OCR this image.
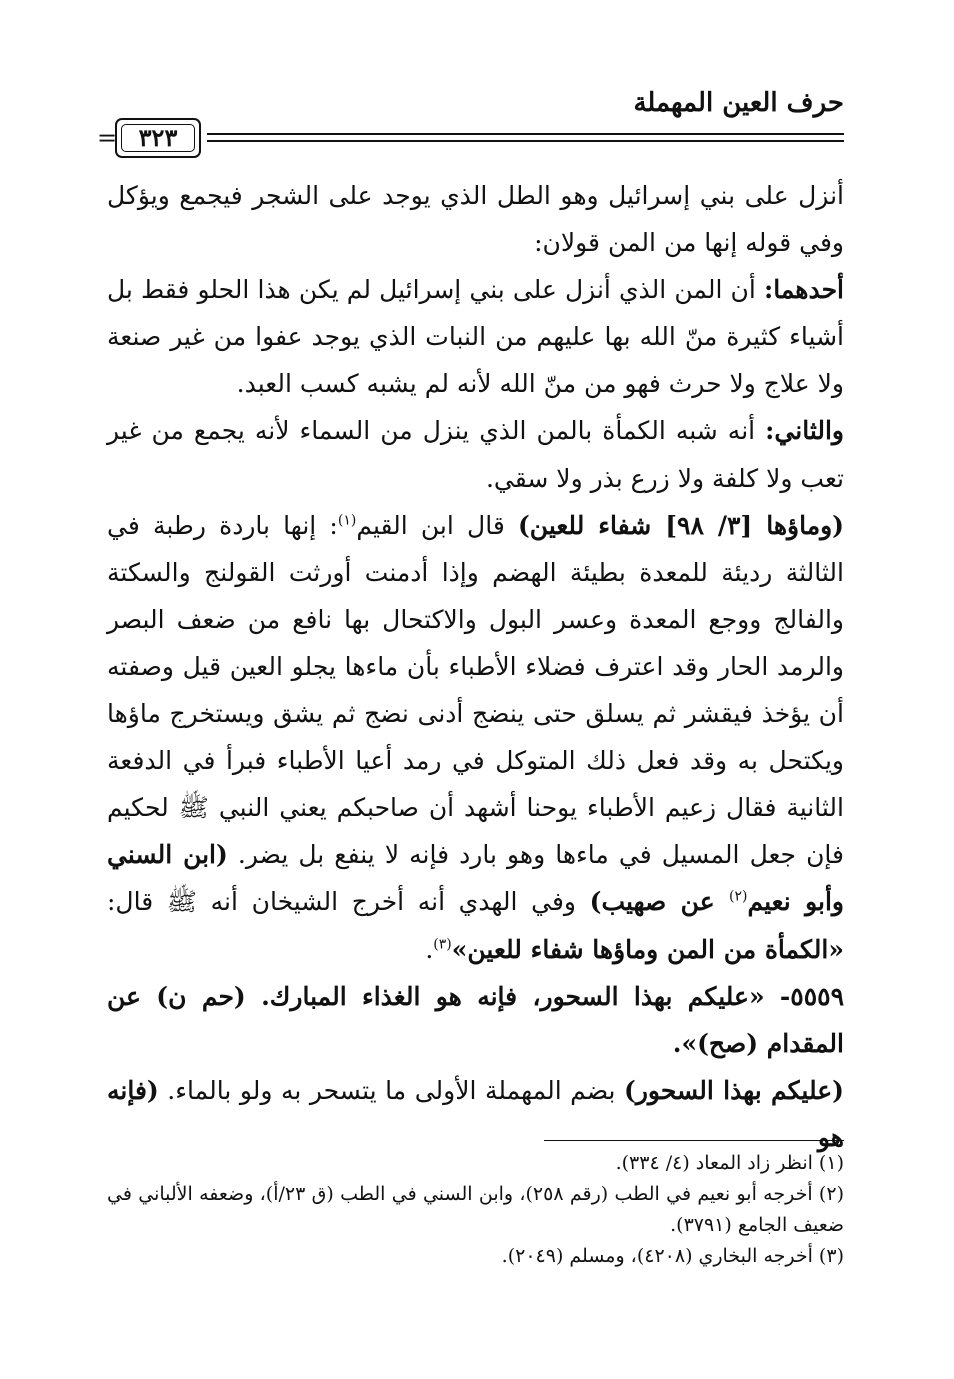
حرف العين المهملة
= ٣٢٣

أنزل على بني إسرائيل وهو الطل الذي يوجد على الشجر فيجمع ويؤكل وفي قوله إنها من المن قولان:

أحدهما: أن المن الذي أنزل على بني إسرائيل لم يكن هذا الحلو فقط بل أشياء كثيرة منّ الله بها عليهم من النبات الذي يوجد عفوا من غير صنعة ولا علاج ولا حرث فهو من منّ الله لأنه لم يشبه كسب العبد.

والثاني: أنه شبه الكمأة بالمن الذي ينزل من السماء لأنه يجمع من غير تعب ولا كلفة ولا زرع بذر ولا سقي.

(وماؤها [٣/ ٩٨] شفاء للعين) قال ابن القيم$^{(١)}$: إنها باردة رطبة في الثالثة رديئة للمعدة بطيئة الهضم وإذا أدمنت أورثت القولنج والسكتة والفالج ووجع المعدة وعسر البول والاكتحال بها نافع من ضعف البصر والرمد الحار وقد اعترف فضلاء الأطباء بأن ماءها يجلو العين قيل وصفته أن يؤخذ فيقشر ثم يسلق حتى ينضج أدنى نضج ثم يشق ويستخرج ماؤها ويكتحل به وقد فعل ذلك المتوكل في رمد أعيا الأطباء فبرأ في الدفعة الثانية فقال زعيم الأطباء يوحنا أشهد أن صاحبكم يعني النبي ﷺ لحكيم فإن جعل المسيل في ماءها وهو بارد فإنه لا ينفع بل يضر. (ابن السني وأبو نعيم$^{(٢)}$ عن صهيب) وفي الهدي أنه أخرج الشيخان أنه ﷺ قال: «الكمأة من المن وماؤها شفاء للعين»$^{(٣)}$.

٥٥٥٩- «عليكم بهذا السحور، فإنه هو الغذاء المبارك. (حم ن) عن المقدام (صح)».

(عليكم بهذا السحور) بضم المهملة الأولى ما يتسحر به ولو بالماء. (فإنه هو

(١) انظر زاد المعاد (٤/ ٣٣٤).

(٢) أخرجه أبو نعيم في الطب (رقم ٢٥٨)، وابن السني في الطب (ق ٢٣/أ)، وضعفه الألباني في ضعيف الجامع (٣٧٩١).

(٣) أخرجه البخاري (٤٢٠٨)، ومسلم (٢٠٤٩).
